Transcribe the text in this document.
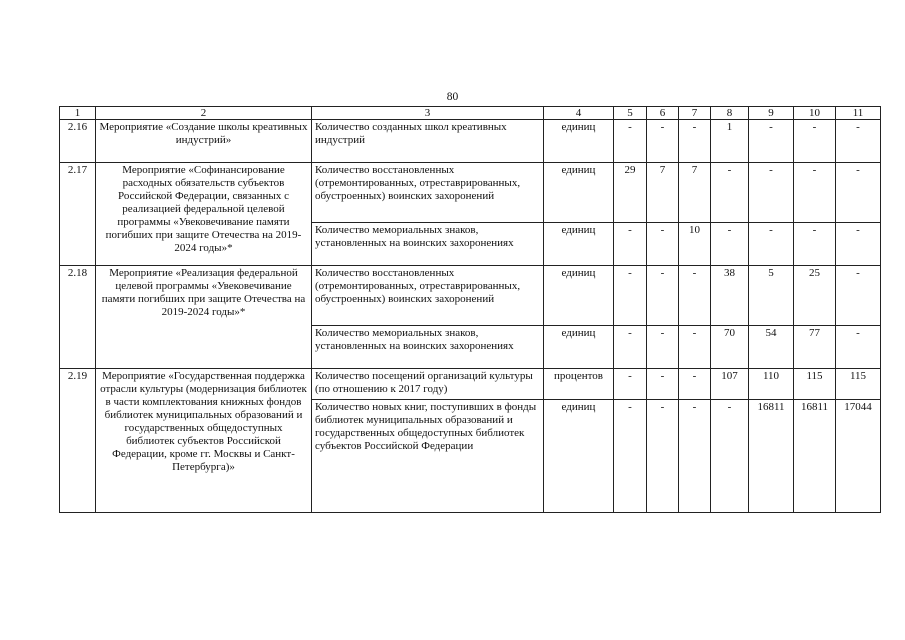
80
1	2	3	4	5	6	7	8	9	10	11
2.16	Мероприятие «Создание школы креативных индустрий»	Количество созданных школ креативных индустрий	единиц	-	-	-	1	-	-	-
2.17	Мероприятие «Софинансирование расходных обязательств субъектов Российской Федерации, связанных с реализацией федеральной целевой программы «Увековечивание памяти погибших при защите Отечества на 2019-2024 годы»*	Количество восстановленных (отремонтированных, отреставрированных, обустроенных) воинских захоронений	единиц	29	7	7	-	-	-	-
		Количество мемориальных знаков, установленных на воинских захоронениях	единиц	-	-	10	-	-	-	-
2.18	Мероприятие «Реализация федеральной целевой программы «Увековечивание памяти погибших при защите Отечества на 2019-2024 годы»*	Количество восстановленных (отремонтированных, отреставрированных, обустроенных) воинских захоронений	единиц	-	-	-	38	5	25	-
		Количество мемориальных знаков, установленных на воинских захоронениях	единиц	-	-	-	70	54	77	-
2.19	Мероприятие «Государственная поддержка отрасли культуры (модернизация библиотек в части комплектования книжных фондов библиотек муниципальных образований и государственных общедоступных библиотек субъектов Российской Федерации, кроме гг. Москвы и Санкт-Петербурга)»	Количество посещений организаций культуры (по отношению к 2017 году)	процентов	-	-	-	107	110	115	115
		Количество новых книг, поступивших в фонды библиотек муниципальных образований и государственных общедоступных библиотек субъектов Российской Федерации	единиц	-	-	-	-	16811	16811	17044
